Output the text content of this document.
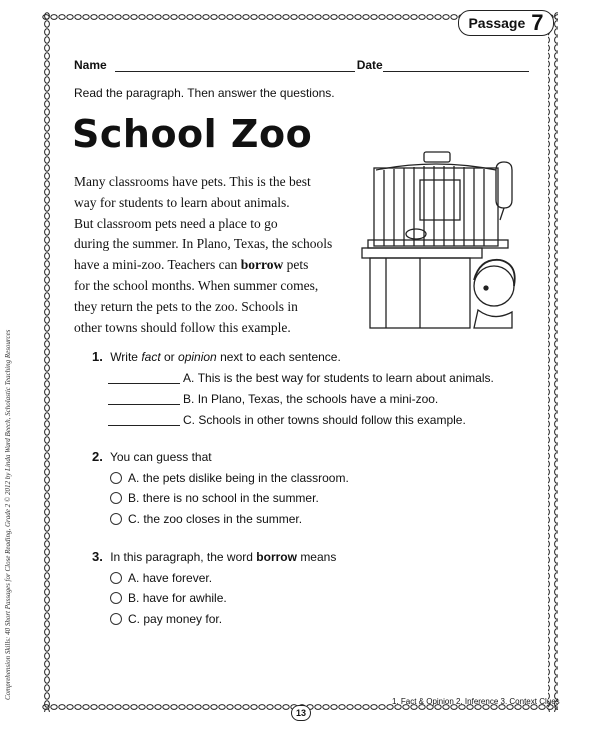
Passage 7
Name	Date
Read the paragraph. Then answer the questions.
School Zoo

Many classrooms have pets. This is the best

way for students to learn about animals.

But classroom pets need a place to go

during the summer. In Plano, Texas, the schools

have a mini-zoo. Teachers can borrow pets

for the school months. When summer comes,

they return the pets to the zoo. Schools in

other towns should follow this example.

1. Write fact or opinion next to each sentence.
A.
This is the best way for students to learn about animals.
B.
In Plano, Texas, the schools have a mini-zoo.
C.
Schools in other towns should follow this example.
2. You can guess that
A.
the pets dislike being in the classroom.
B.
there is no school in the summer.
C.
the zoo closes in the summer.
3. In this paragraph, the word borrow means
A.
have forever.
B.
have for awhile.
C.
pay money for.
1. Fact & Opinion 2. Inference 3. Context Clues
13
Comprehension Skills: 40 Short Passages for Close Reading, Grade 2 © 2012 by Linda Ward Beech, Scholastic Teaching Resources
